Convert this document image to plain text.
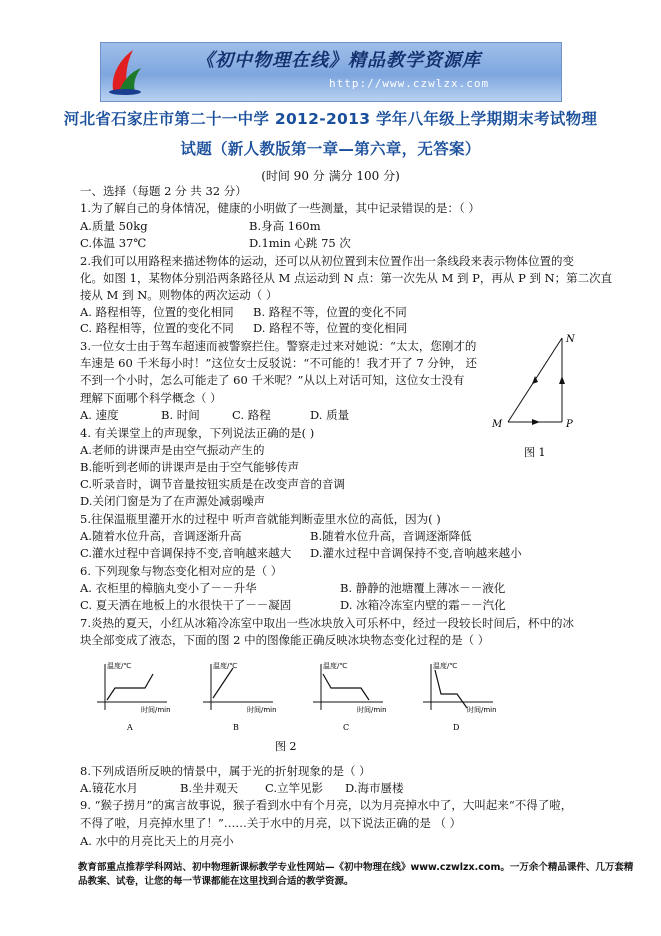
《初中物理在线》精品教学资源库
http://www.czwlzx.com
河北省石家庄市第二十一中学 2012-2013 学年八年级上学期期末考试物理
试题（新人教版第一章—第六章，无答案）
(时间 90 分 满分 100 分)
一、选择（每题 2 分 共 32 分）
1.为了解自己的身体情况，健康的小明做了一些测量，其中记录错误的是：（ ）
A.质量 50kg	B.身高 160m
C.体温 37℃	D.1min 心跳 75 次
2.我们可以用路程来描述物体的运动，还可以从初位置到末位置作出一条线段来表示物体位置的变
化。如图 1，某物体分别沿两条路径从 M 点运动到 N 点：第一次先从 M 到 P，再从 P 到 N；第二次直
接从 M 到 N。则物体的两次运动（ ）
A. 路程相等，位置的变化相同 B. 路程不等，位置的变化不同
C. 路程相等，位置的变化不同 D. 路程不等，位置的变化相同
3.一位女士由于驾车超速而被警察拦住。警察走过来对她说：“太太，您刚才的
车速是 60 千米每小时！”这位女士反驳说：“不可能的！我才开了 7 分钟， 还
不到一个小时，怎么可能走了 60 千米呢？”从以上对话可知，这位女士没有
理解下面哪个科学概念（ ）
A. 速度	B. 时间	C. 路程	D. 质量
4. 有关课堂上的声现象，下列说法正确的是( )
A.老师的讲课声是由空气振动产生的
B.能听到老师的讲课声是由于空气能够传声
C.听录音时，调节音量按钮实质是在改变声音的音调
D.关闭门窗是为了在声源处减弱噪声
5.往保温瓶里灌开水的过程中 听声音就能判断壶里水位的高低，因为( )
A.随着水位升高，音调逐渐升高	B.随着水位升高，音调逐渐降低
C.灌水过程中音调保持不变,音响越来越大 D.灌水过程中音调保持不变,音响越来越小
6. 下列现象与物态变化相对应的是（ ）
A. 衣柜里的樟脑丸变小了－－升华	B. 静静的池塘覆上薄冰－－液化
C. 夏天洒在地板上的水很快干了－－凝固	D. 冰箱冷冻室内壁的霜－－汽化
7.炎热的夏天，小红从冰箱冷冻室中取出一些冰块放入可乐杯中，经过一段较长时间后，杯中的冰
块全部变成了液态，下面的图 2 中的图像能正确反映冰块物态变化过程的是（ ）
N
M	P
图 1
温度/℃
时间/min
A
温度/℃
时间/min
B
温度/℃
时间/min
C
温度/℃
时间/min
D
图 2
8.下列成语所反映的情景中，属于光的折射现象的是（ ）
A.镜花水月	B.坐井观天 C.立竿见影 D.海市蜃楼
9. “猴子捞月”的寓言故事说，猴子看到水中有个月亮，以为月亮掉水中了，大叫起来“不得了啦，
不得了啦，月亮掉水里了！”……关于水中的月亮，以下说法正确的是 （ ）
A. 水中的月亮比天上的月亮小
教育部重点推荐学科网站、初中物理新课标教学专业性网站—《初中物理在线》www.czwlzx.com。一万余个精品课件、几万套精品教案、试卷，让您的每一节课都能在这里找到合适的教学资源。
